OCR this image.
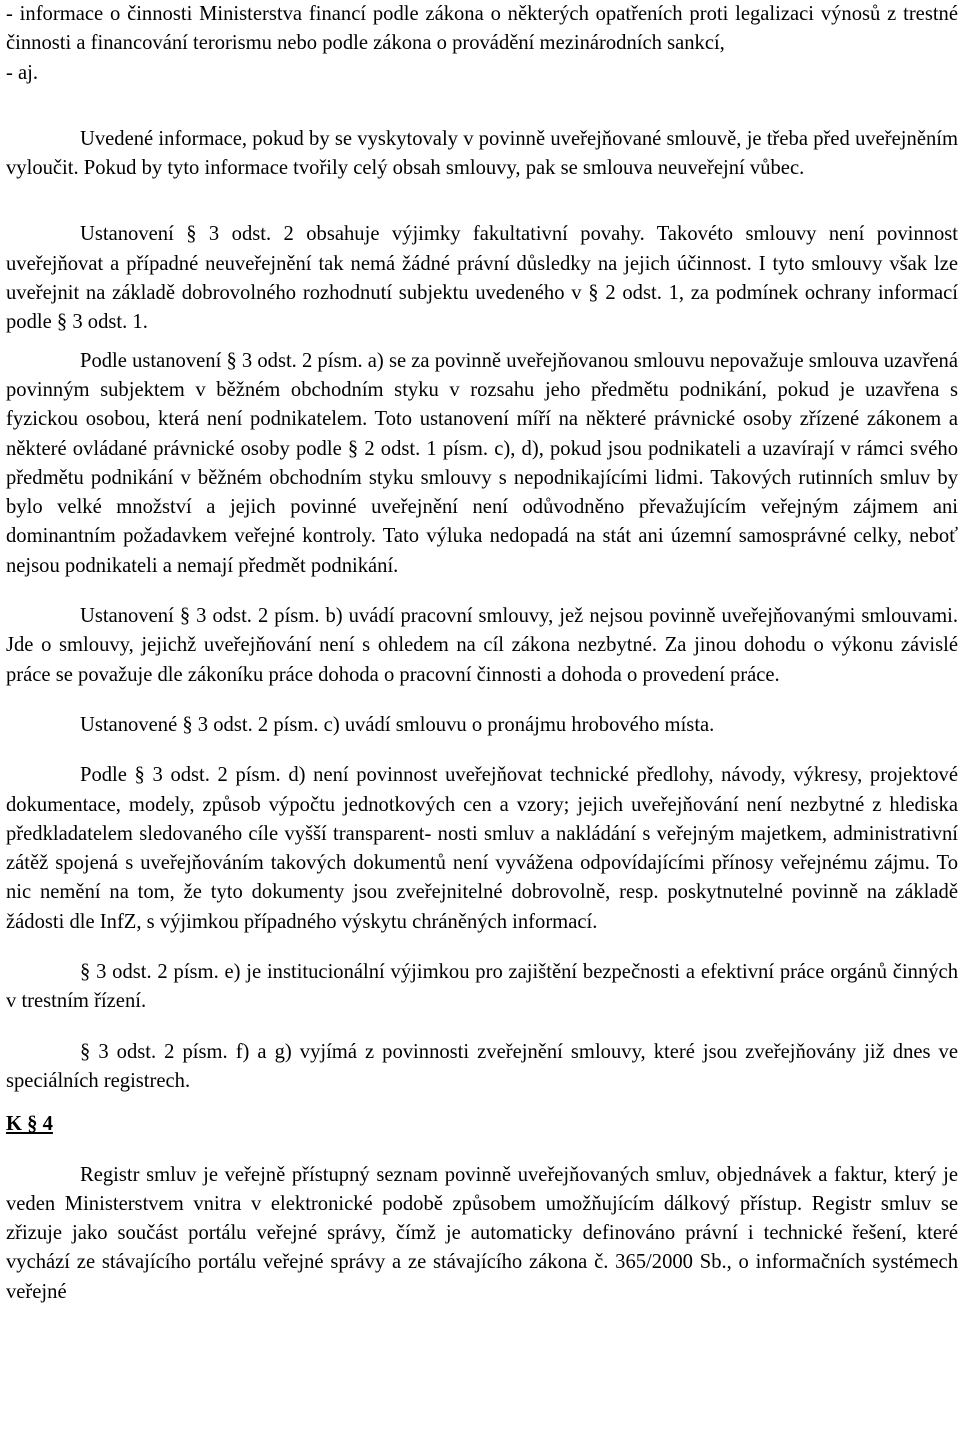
- informace o činnosti Ministerstva financí podle zákona o některých opatřeních proti legalizaci výnosů z trestné činnosti a financování terorismu nebo podle zákona o provádění mezinárodních sankcí,

- aj.

Uvedené informace, pokud by se vyskytovaly v povinně uveřejňované smlouvě, je třeba před uveřejněním vyloučit. Pokud by tyto informace tvořily celý obsah smlouvy, pak se smlouva neuveřejní vůbec.

Ustanovení § 3 odst. 2 obsahuje výjimky fakultativní povahy. Takovéto smlouvy není povinnost uveřejňovat a případné neuveřejnění tak nemá žádné právní důsledky na jejich účinnost. I tyto smlouvy však lze uveřejnit na základě dobrovolného rozhodnutí subjektu uvedeného v § 2 odst. 1, za podmínek ochrany informací podle § 3 odst. 1.

Podle ustanovení § 3 odst. 2 písm. a) se za povinně uveřejňovanou smlouvu nepovažuje smlouva uzavřená povinným subjektem v běžném obchodním styku v rozsahu jeho předmětu podnikání, pokud je uzavřena s fyzickou osobou, která není podnikatelem. Toto ustanovení míří na některé právnické osoby zřízené zákonem a některé ovládané právnické osoby podle § 2 odst. 1 písm. c), d), pokud jsou podnikateli a uzavírají v rámci svého předmětu podnikání v běžném obchodním styku smlouvy s nepodnikajícími lidmi. Takových rutinních smluv by bylo velké množství a jejich povinné uveřejnění není odůvodněno převažujícím veřejným zájmem ani dominantním požadavkem veřejné kontroly. Tato výluka nedopadá na stát ani územní samosprávné celky, neboť nejsou podnikateli a nemají předmět podnikání.

Ustanovení § 3 odst. 2 písm. b) uvádí pracovní smlouvy, jež nejsou povinně uveřejňovanými smlouvami. Jde o smlouvy, jejichž uveřejňování není s ohledem na cíl zákona nezbytné. Za jinou dohodu o výkonu závislé práce se považuje dle zákoníku práce dohoda o pracovní činnosti a dohoda o provedení práce.

Ustanovené § 3 odst. 2 písm. c) uvádí smlouvu o pronájmu hrobového místa.

Podle § 3 odst. 2 písm. d) není povinnost uveřejňovat technické předlohy, návody, výkresy, projektové dokumentace, modely, způsob výpočtu jednotkových cen a vzory; jejich uveřejňování není nezbytné z hlediska předkladatelem sledovaného cíle vyšší transparent- nosti smluv a nakládání s veřejným majetkem, administrativní zátěž spojená s uveřejňováním takových dokumentů není vyvážena odpovídajícími přínosy veřejnému zájmu. To nic nemění na tom, že tyto dokumenty jsou zveřejnitelné dobrovolně, resp. poskytnutelné povinně na základě žádosti dle InfZ, s výjimkou případného výskytu chráněných informací.

§ 3 odst. 2 písm. e) je institucionální výjimkou pro zajištění bezpečnosti a efektivní práce orgánů činných v trestním řízení.

§ 3 odst. 2 písm. f) a g) vyjímá z povinnosti zveřejnění smlouvy, které jsou zveřejňovány již dnes ve speciálních registrech.

K § 4

Registr smluv je veřejně přístupný seznam povinně uveřejňovaných smluv, objednávek a faktur, který je veden Ministerstvem vnitra v elektronické podobě způsobem umožňujícím dálkový přístup. Registr smluv se zřizuje jako součást portálu veřejné správy, čímž je automaticky definováno právní i technické řešení, které vychází ze stávajícího portálu veřejné správy a ze stávajícího zákona č. 365/2000 Sb., o informačních systémech veřejné
